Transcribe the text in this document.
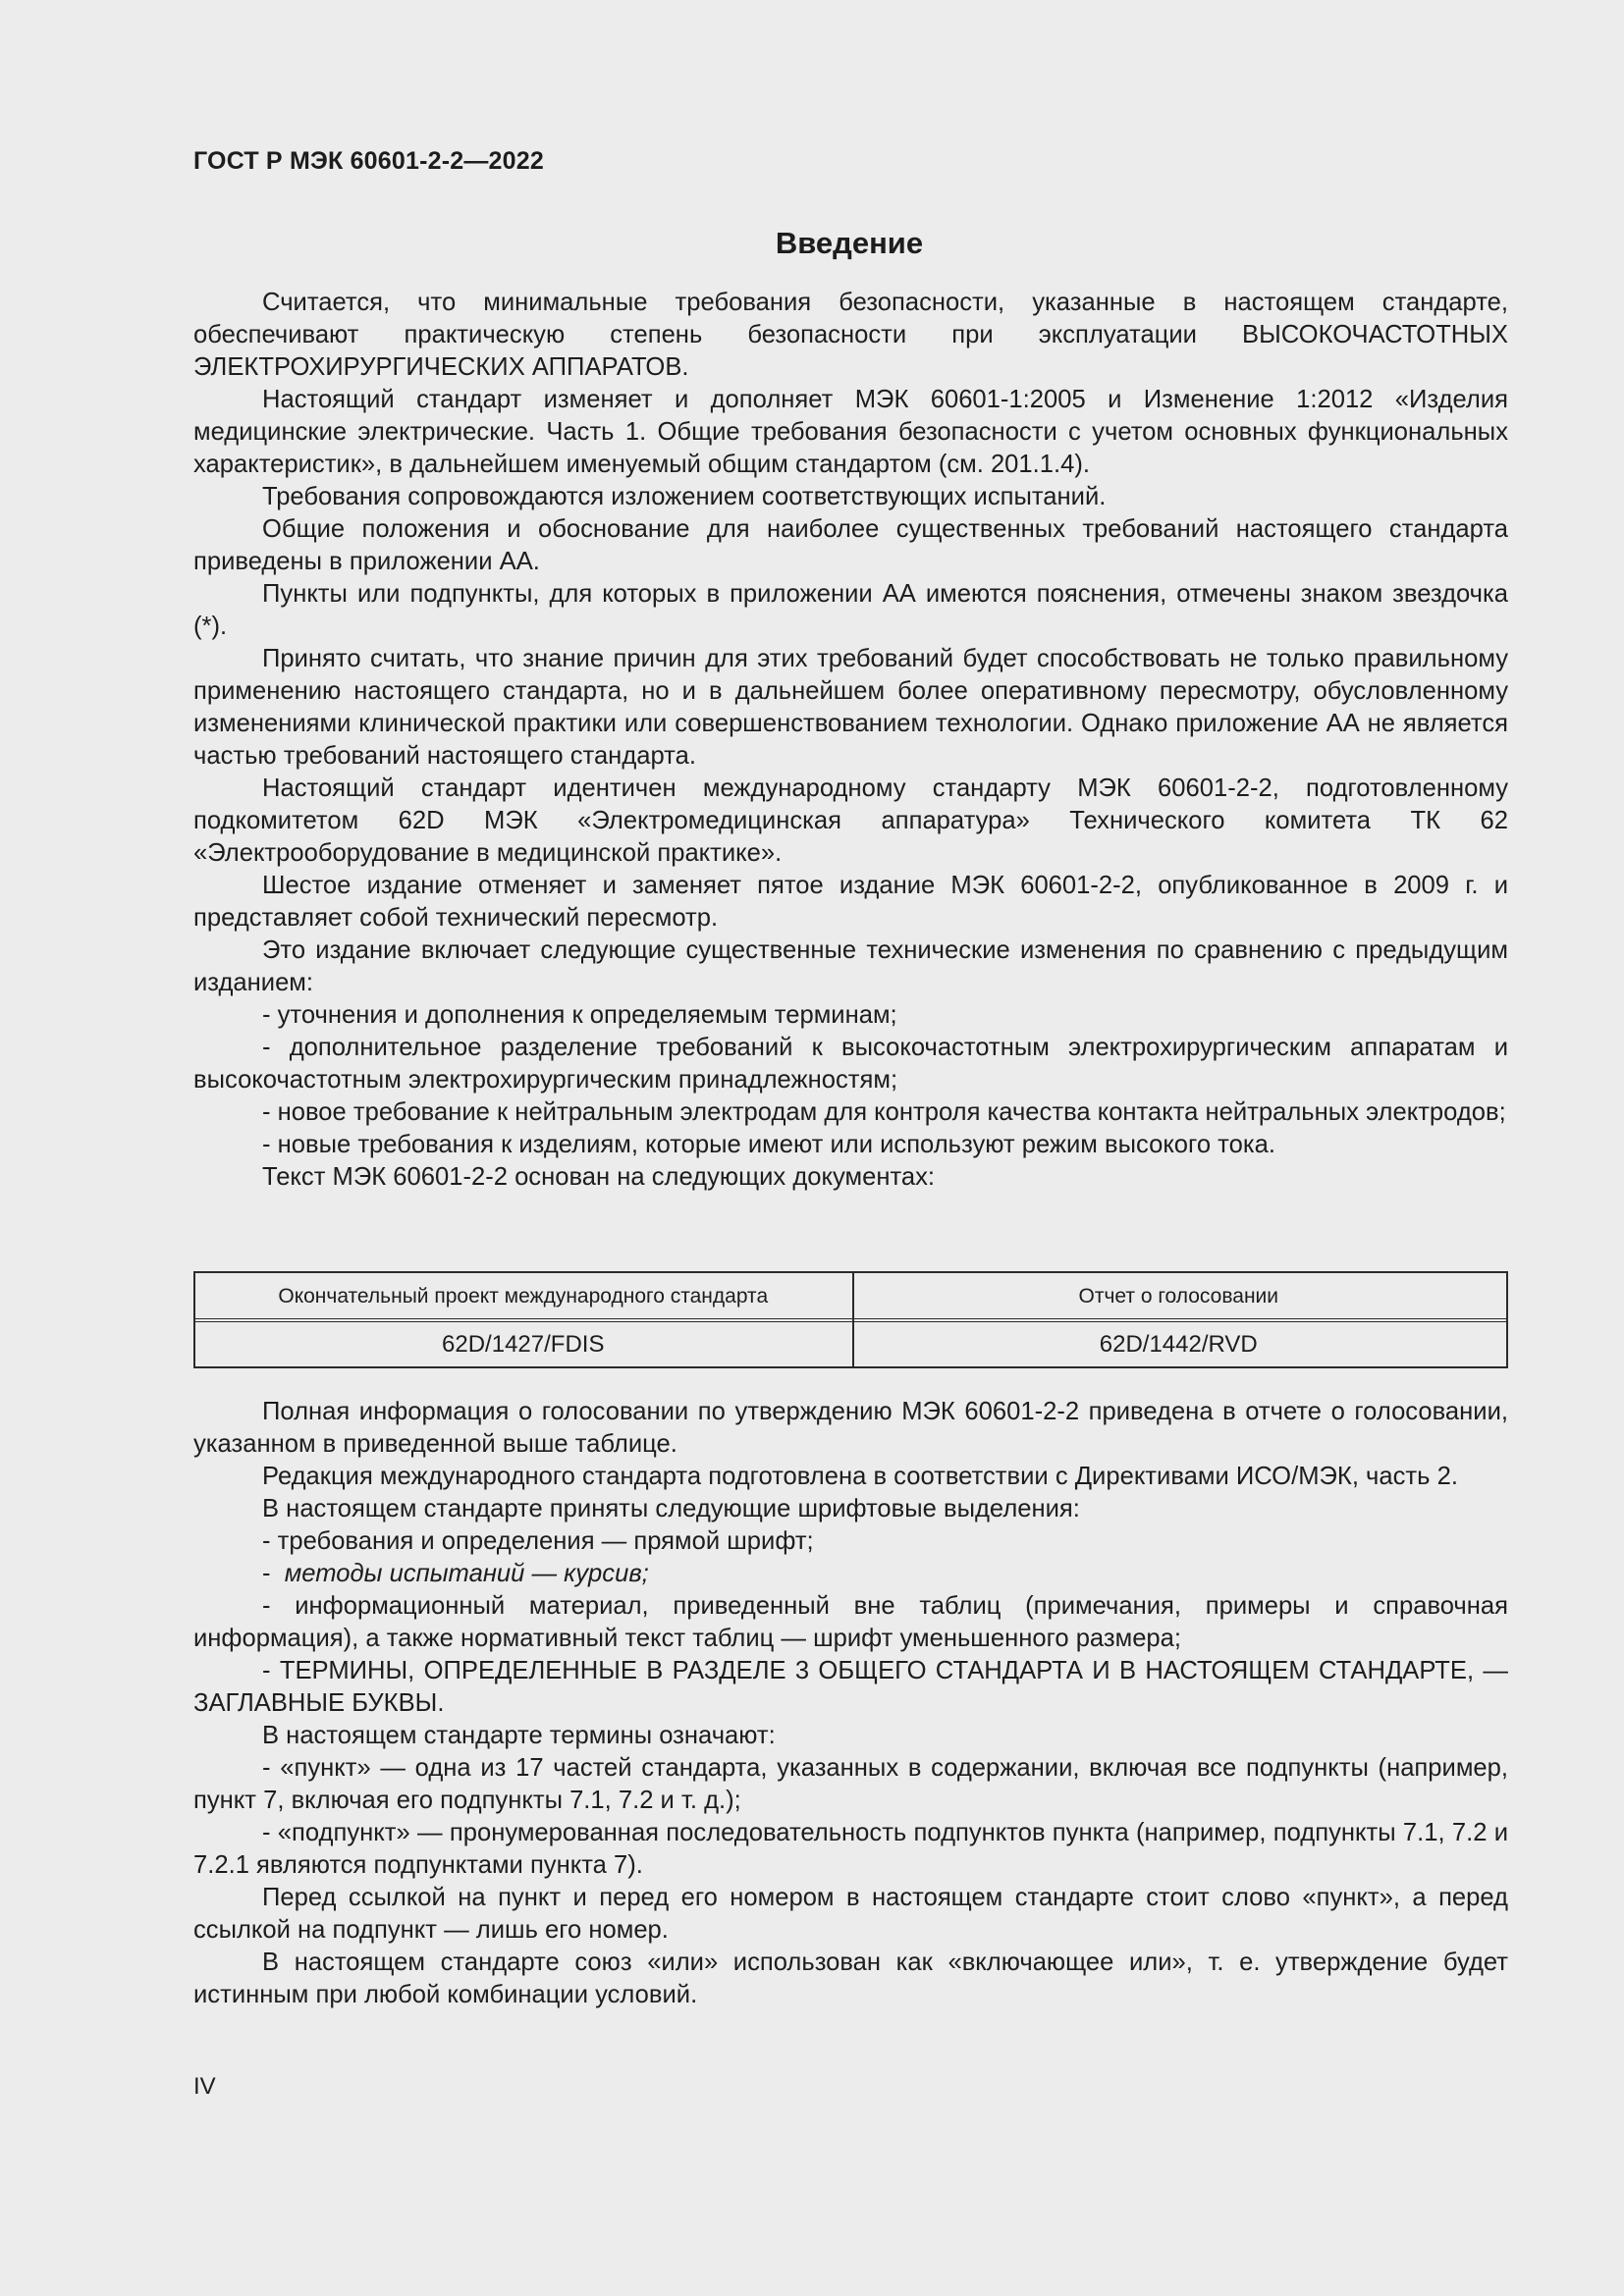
ГОСТ Р МЭК 60601-2-2—2022
Введение

Считается, что минимальные требования безопасности, указанные в настоящем стандарте, обеспечивают практическую степень безопасности при эксплуатации ВЫСОКОЧАСТОТНЫХ ЭЛЕКТРОХИРУРГИЧЕСКИХ АППАРАТОВ.

Настоящий стандарт изменяет и дополняет МЭК 60601-1:2005 и Изменение 1:2012 «Изделия медицинские электрические. Часть 1. Общие требования безопасности с учетом основных функциональных характеристик», в дальнейшем именуемый общим стандартом (см. 201.1.4).

Требования сопровождаются изложением соответствующих испытаний.

Общие положения и обоснование для наиболее существенных требований настоящего стандарта приведены в приложении АА.

Пункты или подпункты, для которых в приложении АА имеются пояснения, отмечены знаком звездочка (*).

Принято считать, что знание причин для этих требований будет способствовать не только правильному применению настоящего стандарта, но и в дальнейшем более оперативному пересмотру, обусловленному изменениями клинической практики или совершенствованием технологии. Однако приложение АА не является частью требований настоящего стандарта.

Настоящий стандарт идентичен международному стандарту МЭК 60601-2-2, подготовленному подкомитетом 62D МЭК «Электромедицинская аппаратура» Технического комитета ТК 62 «Электрооборудование в медицинской практике».

Шестое издание отменяет и заменяет пятое издание МЭК 60601-2-2, опубликованное в 2009 г. и представляет собой технический пересмотр.

Это издание включает следующие существенные технические изменения по сравнению с предыдущим изданием:

- уточнения и дополнения к определяемым терминам;

- дополнительное разделение требований к высокочастотным электрохирургическим аппаратам и высокочастотным электрохирургическим принадлежностям;

- новое требование к нейтральным электродам для контроля качества контакта нейтральных электродов;

- новые требования к изделиям, которые имеют или используют режим высокого тока.

Текст МЭК 60601-2-2 основан на следующих документах:

Окончательный проект международного стандарта	Отчет о голосовании
62D/1427/FDIS	62D/1442/RVD

Полная информация о голосовании по утверждению МЭК 60601-2-2 приведена в отчете о голосовании, указанном в приведенной выше таблице.

Редакция международного стандарта подготовлена в соответствии с Директивами ИСО/МЭК, часть 2.

В настоящем стандарте приняты следующие шрифтовые выделения:

- требования и определения — прямой шрифт;

-  методы испытаний — курсив;

- информационный материал, приведенный вне таблиц (примечания, примеры и справочная информация), а также нормативный текст таблиц — шрифт уменьшенного размера;

- ТЕРМИНЫ, ОПРЕДЕЛЕННЫЕ В РАЗДЕЛЕ 3 ОБЩЕГО СТАНДАРТА И В НАСТОЯЩЕМ СТАНДАРТЕ, — ЗАГЛАВНЫЕ БУКВЫ.

В настоящем стандарте термины означают:

- «пункт» — одна из 17 частей стандарта, указанных в содержании, включая все подпункты (например, пункт 7, включая его подпункты 7.1, 7.2 и т. д.);

- «подпункт» — пронумерованная последовательность подпунктов пункта (например, подпункты 7.1, 7.2 и 7.2.1 являются подпунктами пункта 7).

Перед ссылкой на пункт и перед его номером в настоящем стандарте стоит слово «пункт», а перед ссылкой на подпункт — лишь его номер.

В настоящем стандарте союз «или» использован как «включающее или», т. е. утверждение будет истинным при любой комбинации условий.

IV
